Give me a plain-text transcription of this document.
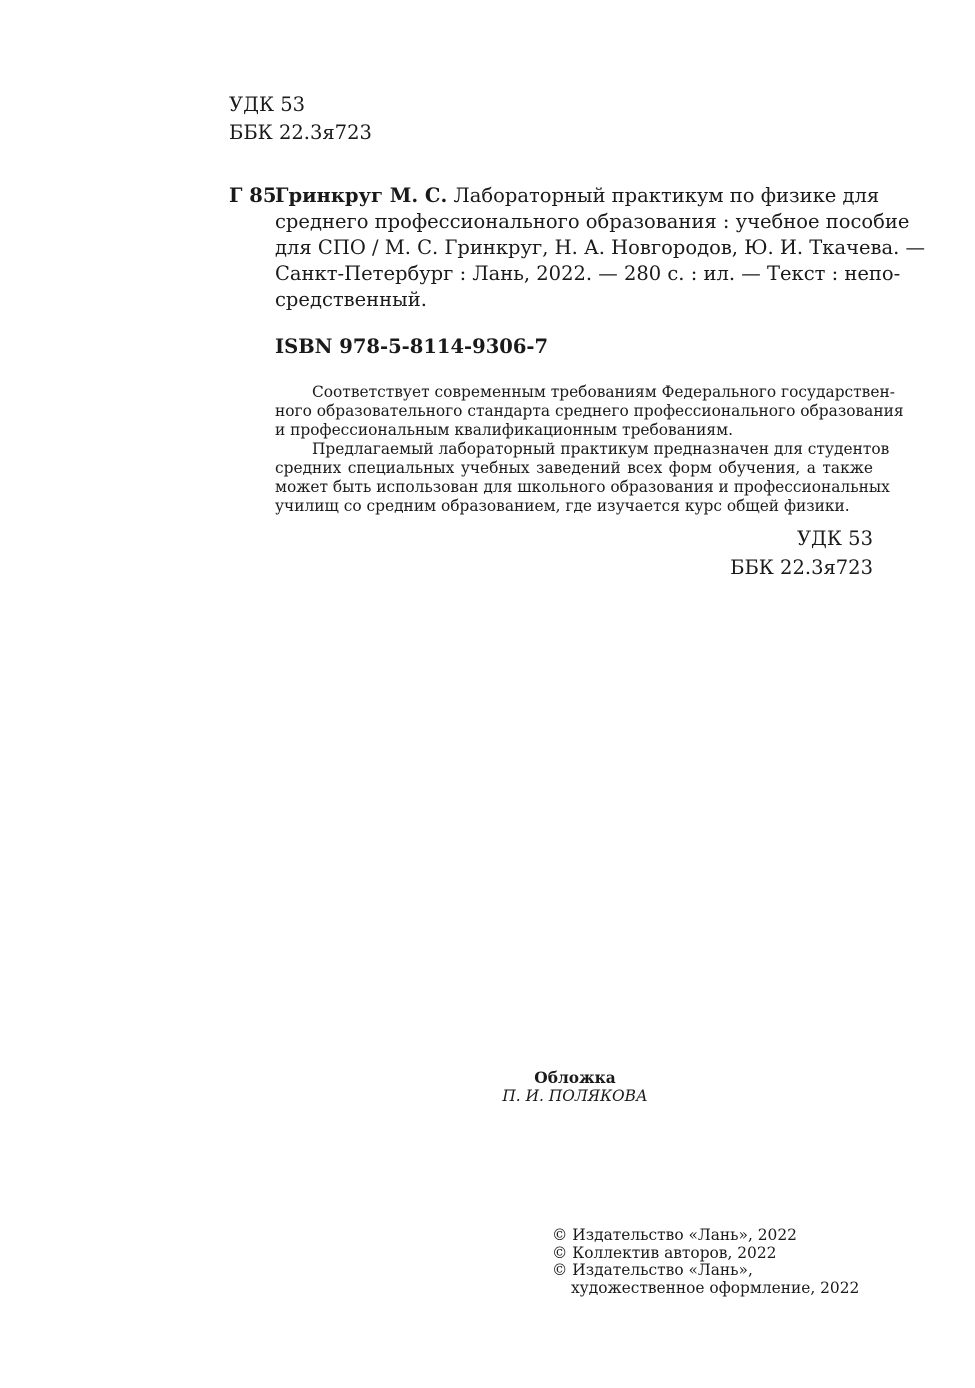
УДК 53
ББК 22.3я723
Г 85
Гринкруг М. С. Лабораторный практикум по физике для
среднего профессионального образования : учебное пособие
для СПО / М. С. Гринкруг, Н. А. Новгородов, Ю. И. Ткачева. —
Санкт-Петербург : Лань, 2022. — 280 с. : ил. — Текст : непо-
средственный.
ISBN 978-5-8114-9306-7
Соответствует современным требованиям Федерального государствен-
ного образовательного стандарта среднего профессионального образования
и профессиональным квалификационным требованиям.
Предлагаемый лабораторный практикум предназначен для студентов
средних специальных учебных заведений всех форм обучения, а также
может быть использован для школьного образования и профессиональных
училищ со средним образованием, где изучается курс общей физики.
УДК 53
ББК 22.3я723
Обложка
П. И. ПОЛЯКОВА
© Издательство «Лань», 2022
© Коллектив авторов, 2022
© Издательство «Лань»,
художественное оформление, 2022
